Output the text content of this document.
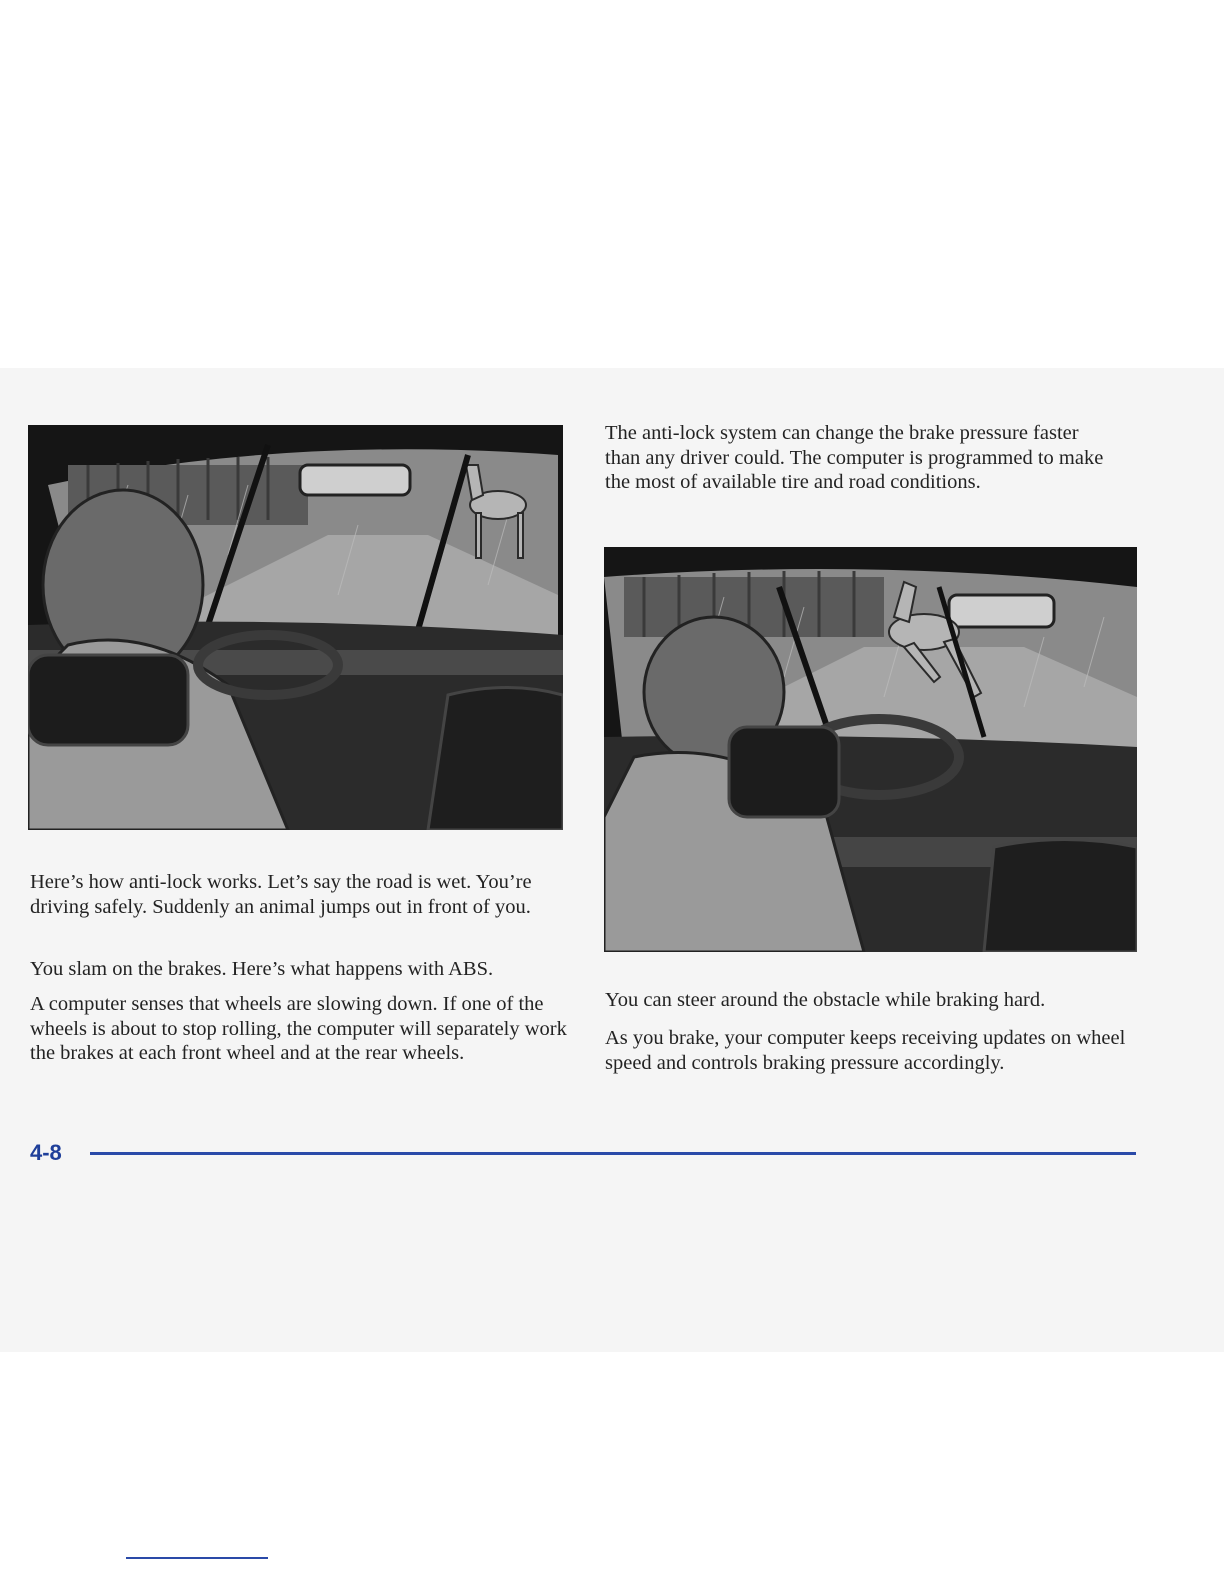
The anti-lock system can change the brake pressure faster than any driver could. The computer is programmed to make the most of available tire and road conditions.

Here’s how anti-lock works. Let’s say the road is wet. You’re driving safely. Suddenly an animal jumps out in front of you.

You slam on the brakes. Here’s what happens with ABS.

A computer senses that wheels are slowing down. If one of the wheels is about to stop rolling, the computer will separately work the brakes at each front wheel and at the rear wheels.

You can steer around the obstacle while braking hard.

As you brake, your computer keeps receiving updates on wheel speed and controls braking pressure accordingly.

4-8
